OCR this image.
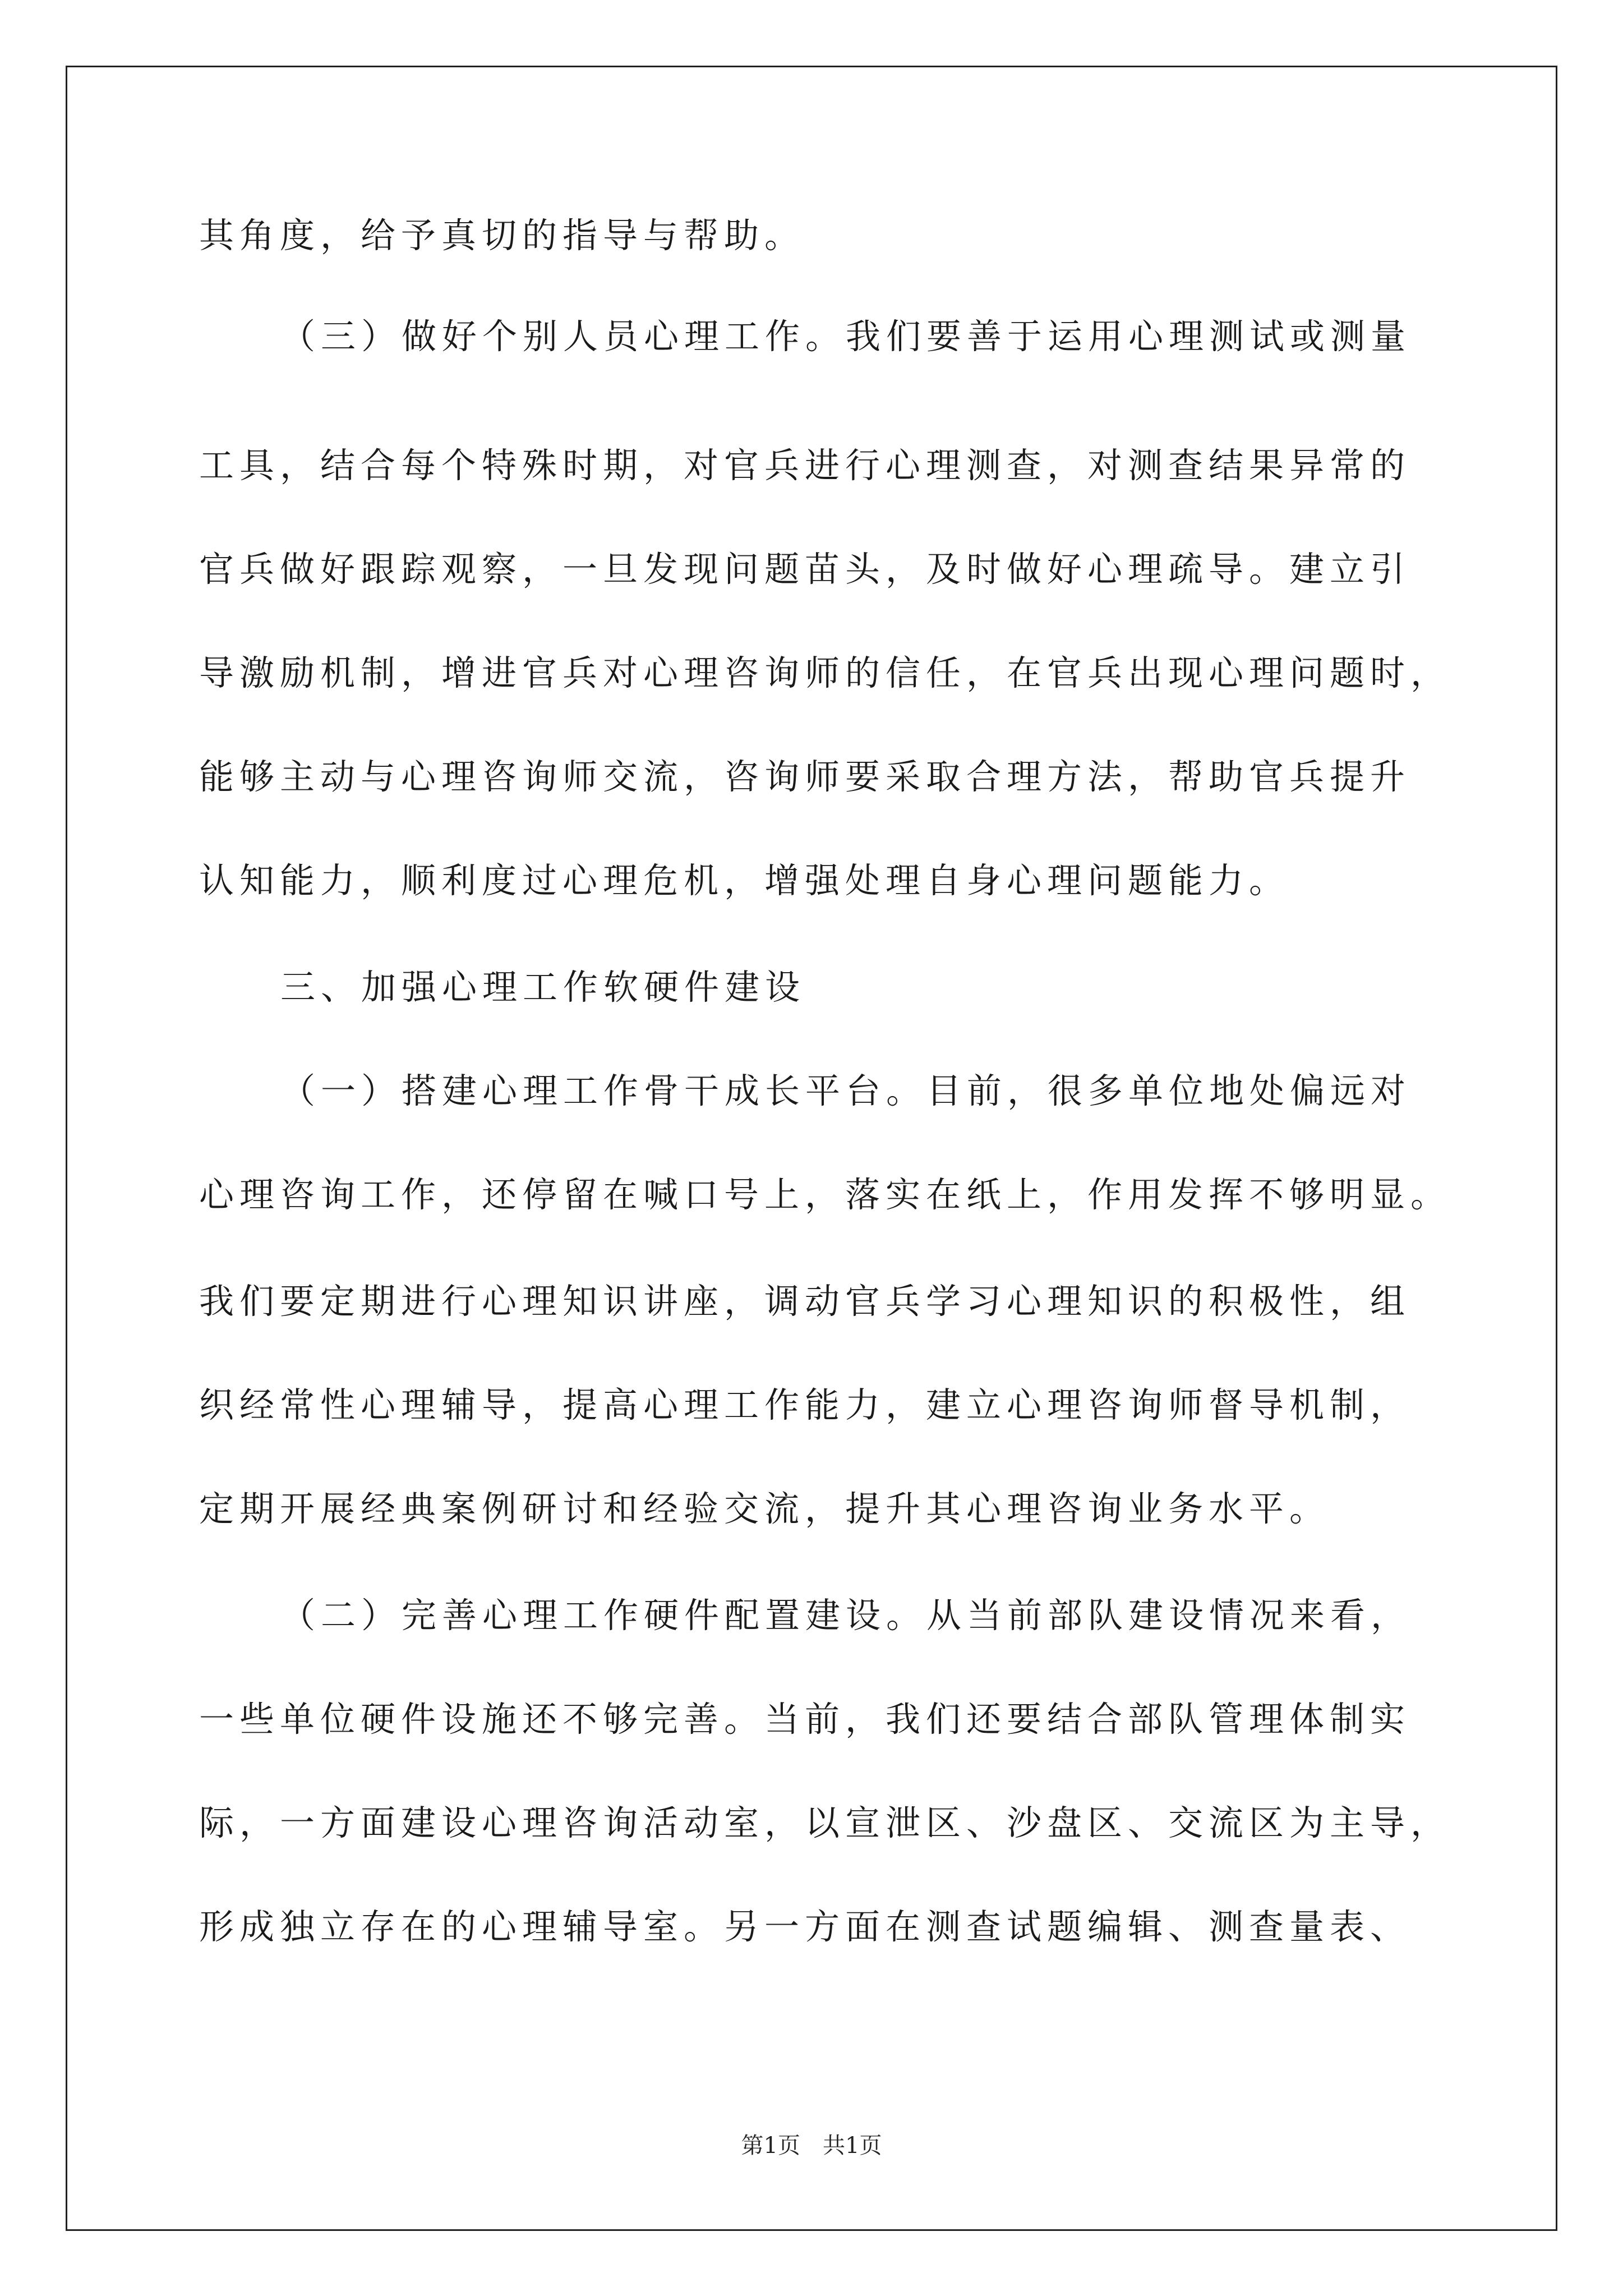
其角度，给予真切的指导与帮助。
（三）做好个别人员心理工作。我们要善于运用心理测试或测量
工具，结合每个特殊时期，对官兵进行心理测查，对测查结果异常的
官兵做好跟踪观察，一旦发现问题苗头，及时做好心理疏导。建立引
导激励机制，增进官兵对心理咨询师的信任，在官兵出现心理问题时，
能够主动与心理咨询师交流，咨询师要采取合理方法，帮助官兵提升
认知能力，顺利度过心理危机，增强处理自身心理问题能力。
三、加强心理工作软硬件建设
（一）搭建心理工作骨干成长平台。目前，很多单位地处偏远对
心理咨询工作，还停留在喊口号上，落实在纸上，作用发挥不够明显。
我们要定期进行心理知识讲座，调动官兵学习心理知识的积极性，组
织经常性心理辅导，提高心理工作能力，建立心理咨询师督导机制，
定期开展经典案例研讨和经验交流，提升其心理咨询业务水平。
（二）完善心理工作硬件配置建设。从当前部队建设情况来看，
一些单位硬件设施还不够完善。当前，我们还要结合部队管理体制实
际，一方面建设心理咨询活动室，以宣泄区、沙盘区、交流区为主导，
形成独立存在的心理辅导室。另一方面在测查试题编辑、测查量表、
第1页　共1页
